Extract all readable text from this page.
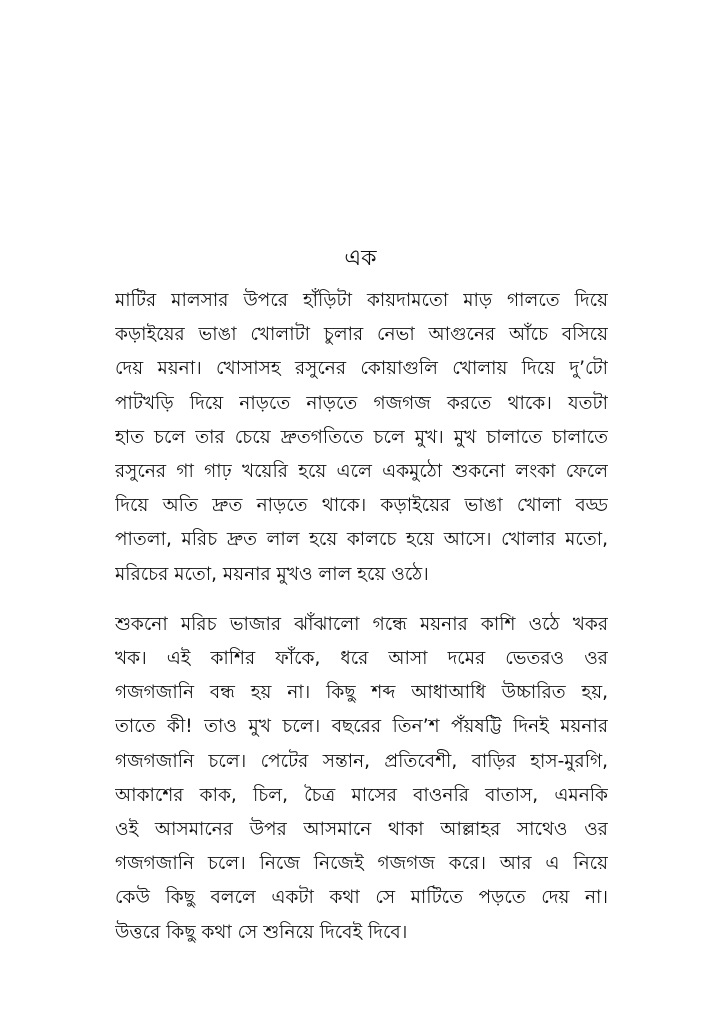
এক

মাটির মালসার উপরে হাঁড়িটা কায়দামতো মাড় গালতে দিয়ে
কড়াইয়ের ভাঙা খোলাটা চুলার নেভা আগুনের আঁচে বসিয়ে
দেয় ময়না। খোসাসহ রসুনের কোয়াগুলি খোলায় দিয়ে দু’টো
পাটখড়ি দিয়ে নাড়তে নাড়তে গজগজ করতে থাকে। যতটা
হাত চলে তার চেয়ে দ্রুতগতিতে চলে মুখ। মুখ চালাতে চালাতে
রসুনের গা গাঢ় খয়েরি হয়ে এলে একমুঠো শুকনো লংকা ফেলে
দিয়ে অতি দ্রুত নাড়তে থাকে। কড়াইয়ের ভাঙা খোলা বড্ড
পাতলা, মরিচ দ্রুত লাল হয়ে কালচে হয়ে আসে। খোলার মতো,
মরিচের মতো, ময়নার মুখও লাল হয়ে ওঠে।

শুকনো মরিচ ভাজার ঝাঁঝালো গন্ধে ময়নার কাশি ওঠে খকর
খক। এই কাশির ফাঁকে, ধরে আসা দমের ভেতরও ওর
গজগজানি বন্ধ হয় না। কিছু শব্দ আধাআধি উচ্চারিত হয়,
তাতে কী! তাও মুখ চলে। বছরের তিন’শ পঁয়ষট্টি দিনই ময়নার
গজগজানি চলে। পেটের সন্তান, প্রতিবেশী, বাড়ির হাস-মুরগি,
আকাশের কাক, চিল, চৈত্র মাসের বাওনরি বাতাস, এমনকি
ওই আসমানের উপর আসমানে থাকা আল্লাহর সাথেও ওর
গজগজানি চলে। নিজে নিজেই গজগজ করে। আর এ নিয়ে
কেউ কিছু বললে একটা কথা সে মাটিতে পড়তে দেয় না।
উত্তরে কিছু কথা সে শুনিয়ে দিবেই দিবে।
